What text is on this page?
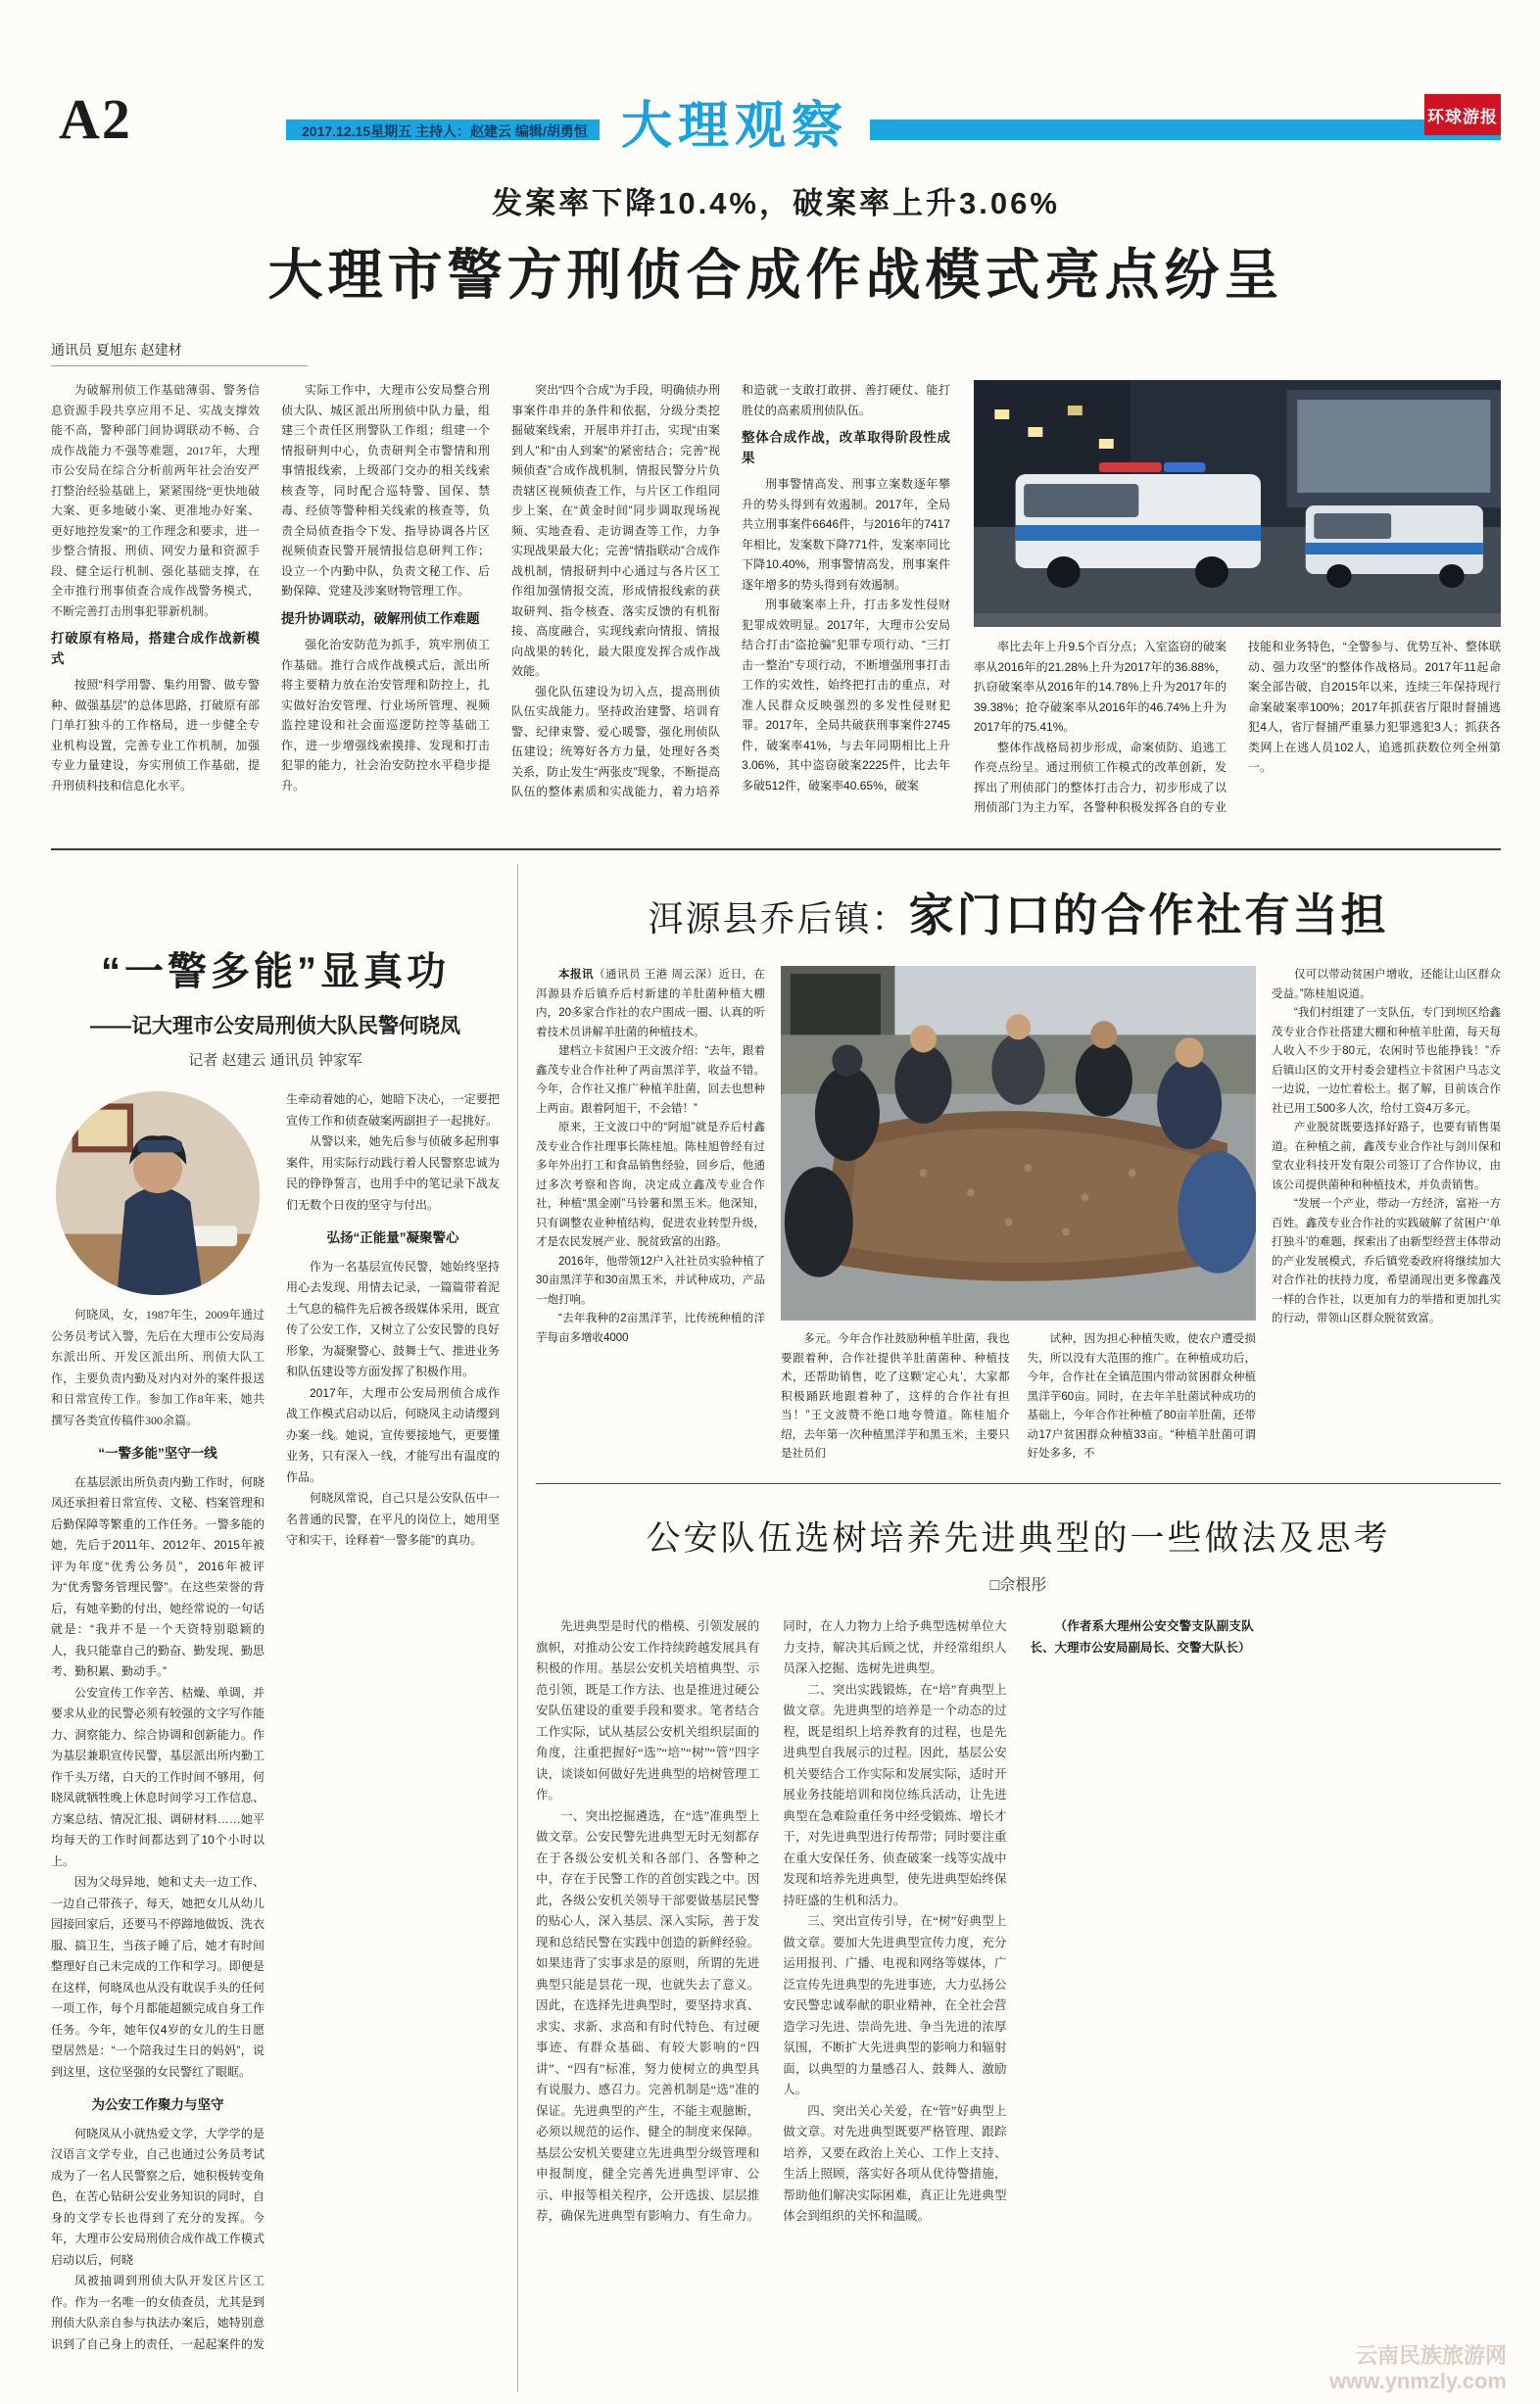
A2	2017.12.15星期五 主持人：赵建云 编辑/胡勇恒 大理观察	环球游报
发案率下降10.4%，破案率上升3.06%
大理市警方刑侦合成作战模式亮点纷呈
通讯员 夏旭东 赵建材

为破解刑侦工作基础薄弱、警务信息资源手段共享应用不足、实战支撑效能不高，警种部门间协调联动不畅、合成作战能力不强等难题，2017年，大理市公安局在综合分析前两年社会治安严打整治经验基础上，紧紧围绕“更快地破大案、更多地破小案、更准地办好案、更好地控发案”的工作理念和要求，进一步整合情报、刑侦、网安力量和资源手段、健全运行机制、强化基础支撑，在全市推行刑事侦查合成作战警务模式，不断完善打击刑事犯罪新机制。

打破原有格局，搭建合成作战新模式

按照“科学用警、集约用警、做专警种、做强基层”的总体思路，打破原有部门单打独斗的工作格局，进一步健全专业机构设置，完善专业工作机制，加强专业力量建设，夯实刑侦工作基础，提升刑侦科技和信息化水平。

实际工作中，大理市公安局整合刑侦大队、城区派出所刑侦中队力量，组建三个责任区刑警队工作组；组建一个情报研判中心，负责研判全市警情和刑事情报线索，上级部门交办的相关线索核查等，同时配合巡特警、国保、禁毒、经侦等警种相关线索的核查等，负责全局侦查指令下发、指导协调各片区视频侦查民警开展情报信息研判工作；设立一个内勤中队，负责文秘工作、后勤保障、党建及涉案财物管理工作。

提升协调联动，破解刑侦工作难题

强化治安防范为抓手，筑牢刑侦工作基础。推行合成作战模式后，派出所将主要精力放在治安管理和防控上，扎实做好治安管理、行业场所管理、视频监控建设和社会面巡逻防控等基础工作，进一步增强线索摸排、发现和打击犯罪的能力，社会治安防控水平稳步提升。

突出“四个合成”为手段，明确侦办刑事案件串并的条件和依据，分级分类挖掘破案线索，开展串并打击，实现“由案到人”和“由人到案”的紧密结合；完善“视频侦查”合成作战机制，情报民警分片负责辖区视频侦查工作，与片区工作组同步上案，在“黄金时间”同步调取现场视频、实地查看、走访调查等工作，力争实现战果最大化；完善“情指联动”合成作战机制，情报研判中心通过与各片区工作组加强情报交流，形成情报线索的获取研判、指令核查、落实反馈的有机衔接、高度融合，实现线索向情报、情报向战果的转化，最大限度发挥合成作战效能。

强化队伍建设为切入点，提高刑侦队伍实战能力。坚持政治建警、培训育警、纪律束警、爱心暖警，强化刑侦队伍建设；统筹好各方力量，处理好各类关系，防止发生“两张皮”现象，不断提高队伍的整体素质和实战能力，着力培养和造就一支敢打敢拼、善打硬仗、能打胜仗的高素质刑侦队伍。

整体合成作战，改革取得阶段性成果

刑事警情高发、刑事立案数逐年攀升的势头得到有效遏制。2017年，全局共立刑事案件6646件，与2016年的7417年相比，发案数下降771件，发案率同比下降10.40%，刑事警情高发，刑事案件逐年增多的势头得到有效遏制。

刑事破案率上升，打击多发性侵财犯罪成效明显。2017年，大理市公安局结合打击“盗抢骗”犯罪专项行动、“三打击一整治”专项行动，不断增强刑事打击工作的实效性，始终把打击的重点，对准人民群众反映强烈的多发性侵财犯罪。2017年，全局共破获刑事案件2745件，破案率41%，与去年同期相比上升3.06%，其中盗窃破案2225件，比去年多破512件，破案率40.65%，破案

率比去年上升9.5个百分点；入室盗窃的破案率从2016年的21.28%上升为2017年的36.88%，扒窃破案率从2016年的14.78%上升为2017年的39.38%；抢夺破案率从2016年的46.74%上升为2017年的75.41%。

整体作战格局初步形成，命案侦防、追逃工作亮点纷呈。通过刑侦工作模式的改革创新，发挥出了刑侦部门的整体打击合力，初步形成了以刑侦部门为主力军，各警种积极发挥各自的专业技能和业务特色，“全警参与、优势互补、整体联动、强力攻坚”的整体作战格局。2017年11起命案全部告破，自2015年以来，连续三年保持现行命案破案率100%；2017年抓获省厅限时督捕逃犯4人，省厅督捕严重暴力犯罪逃犯3人；抓获各类网上在逃人员102人，追逃抓获数位列全州第一。

“一警多能”显真功
——记大理市公安局刑侦大队民警何晓凤
记者 赵建云 通讯员 钟家军

何晓凤，女，1987年生，2009年通过公务员考试入警，先后在大理市公安局海东派出所、开发区派出所、刑侦大队工作，主要负责内勤及对内对外的案件报送和日常宣传工作。参加工作8年来，她共撰写各类宣传稿件300余篇。

“一警多能”坚守一线

在基层派出所负责内勤工作时，何晓凤还承担着日常宣传、文秘、档案管理和后勤保障等繁重的工作任务。一警多能的她，先后于2011年、2012年、2015年被评为年度“优秀公务员”，2016年被评为“优秀警务管理民警”。在这些荣誉的背后，有她辛勤的付出，她经常说的一句话就是：“我并不是一个天资特别聪颖的人，我只能靠自己的勤奋、勤发现、勤思考、勤积累、勤动手。”

公安宣传工作辛苦、枯燥、单调，并要求从业的民警必须有较强的文字写作能力、洞察能力、综合协调和创新能力。作为基层兼职宣传民警，基层派出所内勤工作千头万绪，白天的工作时间不够用，何晓凤就牺牲晚上休息时间学习工作信息、方案总结、情况汇报、调研材料……她平均每天的工作时间都达到了10个小时以上。

因为父母异地，她和丈夫一边工作、一边自己带孩子，每天，她把女儿从幼儿园接回家后，还要马不停蹄地做饭、洗衣服、搞卫生，当孩子睡了后，她才有时间整理好自己未完成的工作和学习。即便是在这样，何晓凤也从没有耽误手头的任何一项工作，每个月都能超额完成自身工作任务。今年，她年仅4岁的女儿的生日愿望居然是：“一个陪我过生日的妈妈”，说到这里，这位坚强的女民警红了眼眶。

为公安工作聚力与坚守

何晓凤从小就热爱文学，大学学的是汉语言文学专业，自己也通过公务员考试成为了一名人民警察之后，她积极转变角色，在苦心钻研公安业务知识的同时，自身的文学专长也得到了充分的发挥。今年，大理市公安局刑侦合成作战工作模式启动以后，何晓

凤被抽调到刑侦大队开发区片区工作。作为一名唯一的女侦查员，尤其是到刑侦大队亲自参与执法办案后，她特别意识到了自己身上的责任，一起起案件的发生牵动着她的心，她暗下决心，一定要把宣传工作和侦查破案两副担子一起挑好。

从警以来，她先后参与侦破多起刑事案件，用实际行动践行着人民警察忠诚为民的铮铮誓言，也用手中的笔记录下战友们无数个日夜的坚守与付出。

弘扬“正能量”凝聚警心

作为一名基层宣传民警，她始终坚持用心去发现、用情去记录，一篇篇带着泥土气息的稿件先后被各级媒体采用，既宣传了公安工作，又树立了公安民警的良好形象，为凝聚警心、鼓舞士气、推进业务和队伍建设等方面发挥了积极作用。

2017年，大理市公安局刑侦合成作战工作模式启动以后，何晓凤主动请缨到办案一线。她说，宣传要接地气，更要懂业务，只有深入一线，才能写出有温度的作品。

何晓凤常说，自己只是公安队伍中一名普通的民警，在平凡的岗位上，她用坚守和实干，诠释着“一警多能”的真功。

洱源县乔后镇：家门口的合作社有当担

本报讯（通讯员 王港 周云深）近日，在洱源县乔后镇乔后村新建的羊肚菌种植大棚内，20多家合作社的农户围成一圈、认真的听着技术员讲解羊肚菌的种植技术。

建档立卡贫困户王文波介绍：“去年，跟着鑫茂专业合作社种了两亩黑洋芋，收益不错。今年，合作社又推广种植羊肚菌，回去也想种上两亩。跟着阿旭干，不会错！”

原来，王文波口中的“阿旭”就是乔后村鑫茂专业合作社理事长陈桂旭。陈桂旭曾经有过多年外出打工和食品销售经验，回乡后，他通过多次考察和咨询，决定成立鑫茂专业合作社，种植“黑金刚”马铃薯和黑玉米。他深知，只有调整农业种植结构，促进农业转型升级，才是农民发展产业、脱贫致富的出路。

2016年，他带领12户入社社员实验种植了30亩黑洋芋和30亩黑玉米，并试种成功，产品一炮打响。

“去年我种的2亩黑洋芋，比传统种植的洋芋每亩多增收4000	多元。今年合作社鼓励种植羊肚菌，我也要跟着种，合作社提供羊肚菌菌种、种植技术，还帮助销售，吃了这颗‘定心丸’，大家都积极踊跃地跟着种了，这样的合作社有担当！”王文波赞不绝口地夸赞道。陈桂旭介绍，去年第一次种植黑洋芋和黑玉米，主要只是社员们

试种，因为担心种植失败，使农户遭受损失，所以没有大范围的推广。在种植成功后，今年，合作社在全镇范围内带动贫困群众种植黑洋芋60亩。同时，在去年羊肚菌试种成功的基础上，今年合作社种植了80亩羊肚菌，还带动17户贫困群众种植33亩。“种植羊肚菌可谓好处多多，不

仅可以带动贫困户增收，还能让山区群众受益。”陈桂旭说道。

“我们村组建了一支队伍，专门到坝区给鑫茂专业合作社搭建大棚和种植羊肚菌，每天每人收入不少于80元，农闲时节也能挣钱！”乔后镇山区的文开村委会建档立卡贫困户马志文一边说，一边忙着松土。据了解，目前该合作社已用工500多人次，给付工资4万多元。

产业脱贫既要选择好路子，也要有销售渠道。在种植之前，鑫茂专业合作社与剑川保和堂农业科技开发有限公司签订了合作协议，由该公司提供菌种和种植技术，并负责销售。

“发展一个产业，带动一方经济，富裕一方百姓。鑫茂专业合作社的实践破解了贫困户‘单打独斗’的难题，探索出了由新型经营主体带动的产业发展模式，乔后镇党委政府将继续加大对合作社的扶持力度，希望涌现出更多像鑫茂一样的合作社，以更加有力的举措和更加扎实的行动，带领山区群众脱贫致富。

公安队伍选树培养先进典型的一些做法及思考
□佘根彤

先进典型是时代的楷模、引领发展的旗帜，对推动公安工作持续跨越发展具有积极的作用。基层公安机关培植典型、示范引领，既是工作方法、也是推进过硬公安队伍建设的重要手段和要求。笔者结合工作实际，试从基层公安机关组织层面的角度，注重把握好“选”“培”“树”“管”四字诀，谈谈如何做好先进典型的培树管理工作。

一、突出挖掘遴选，在“选”准典型上做文章。公安民警先进典型无时无刻都存在于各级公安机关和各部门、各警种之中，存在于民警工作的首创实践之中。因此，各级公安机关领导干部要做基层民警的贴心人，深入基层、深入实际，善于发现和总结民警在实践中创造的新鲜经验。如果违背了实事求是的原则，所谓的先进典型只能是昙花一现，也就失去了意义。因此，在选择先进典型时，要坚持求真、求实、求新、求高和有时代特色、有过硬事迹、有群众基础、有较大影响的“四讲”、“四有”标准，努力使树立的典型具有说服力、感召力。完善机制是“选”准的保证。先进典型的产生，不能主观臆断，必须以规范的运作、健全的制度来保障。基层公安机关要建立先进典型分级管理和申报制度，健全完善先进典型评审、公示、申报等相关程序，公开选拔、层层推荐，确保先进典型有影响力、有生命力。同时，在人力物力上给予典型选树单位大力支持，解决其后顾之忧，并经常组织人员深入挖掘、选树先进典型。

二、突出实践锻炼，在“培”育典型上做文章。先进典型的培养是一个动态的过程，既是组织上培养教育的过程，也是先进典型自我展示的过程。因此，基层公安机关要结合工作实际和发展实际，适时开展业务技能培训和岗位练兵活动，让先进典型在急难险重任务中经受锻炼、增长才干，对先进典型进行传帮带；同时要注重在重大安保任务、侦查破案一线等实战中发现和培养先进典型，使先进典型始终保持旺盛的生机和活力。

三、突出宣传引导，在“树”好典型上做文章。要加大先进典型宣传力度，充分运用报刊、广播、电视和网络等媒体，广泛宣传先进典型的先进事迹，大力弘扬公安民警忠诚奉献的职业精神，在全社会营造学习先进、崇尚先进、争当先进的浓厚氛围，不断扩大先进典型的影响力和辐射面，以典型的力量感召人、鼓舞人、激励人。

四、突出关心关爱，在“管”好典型上做文章。对先进典型既要严格管理、跟踪培养，又要在政治上关心、工作上支持、生活上照顾，落实好各项从优待警措施，帮助他们解决实际困难，真正让先进典型体会到组织的关怀和温暖。

（作者系大理州公安交警支队副支队长、大理市公安局副局长、交警大队长）

云南民族旅游网
www.ynmzly.com
